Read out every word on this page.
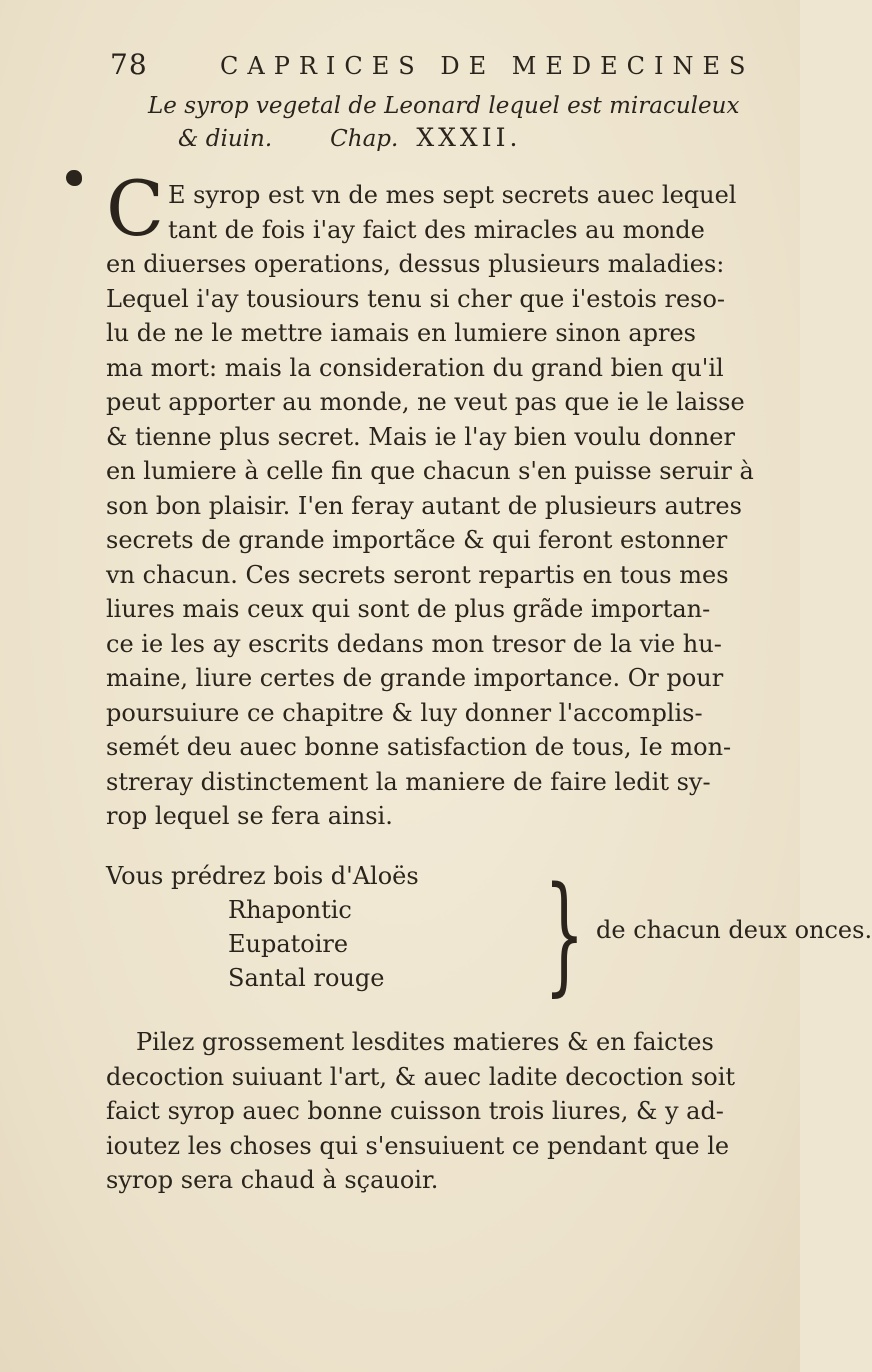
78	CAPRICES DE MEDECINES
Le syrop vegetal de Leonard lequel est miraculeux
& diuin.	Chap. XXXII.
C E syrop est vn de mes sept secrets auec lequel
tant de fois i'ay faict des miracles au monde
en diuerses operations, dessus plusieurs maladies:
Lequel i'ay tousiours tenu si cher que i'estois reso-
lu de ne le mettre iamais en lumiere sinon apres
ma mort: mais la consideration du grand bien qu'il
peut apporter au monde, ne veut pas que ie le laisse
& tienne plus secret. Mais ie l'ay bien voulu donner
en lumiere à celle fin que chacun s'en puisse seruir à
son bon plaisir. I'en feray autant de plusieurs autres
secrets de grande importãce & qui feront estonner
vn chacun. Ces secrets seront repartis en tous mes
liures mais ceux qui sont de plus grãde importan-
ce ie les ay escrits dedans mon tresor de la vie hu-
maine, liure certes de grande importance. Or pour
poursuiure ce chapitre & luy donner l'accomplis-
semét deu auec bonne satisfaction de tous, Ie mon-
streray distinctement la maniere de faire ledit sy-
rop lequel se fera ainsi.
Vous prédrez bois d'Aloës
Rhapontic
Eupatoire
Santal rouge } de chacun deux onces.
Pilez grossement lesdites matieres & en faictes
decoction suiuant l'art, & auec ladite decoction soit
faict syrop auec bonne cuisson trois liures, & y ad-
ioutez les choses qui s'ensuiuent ce pendant que le
syrop sera chaud à sçauoir.
